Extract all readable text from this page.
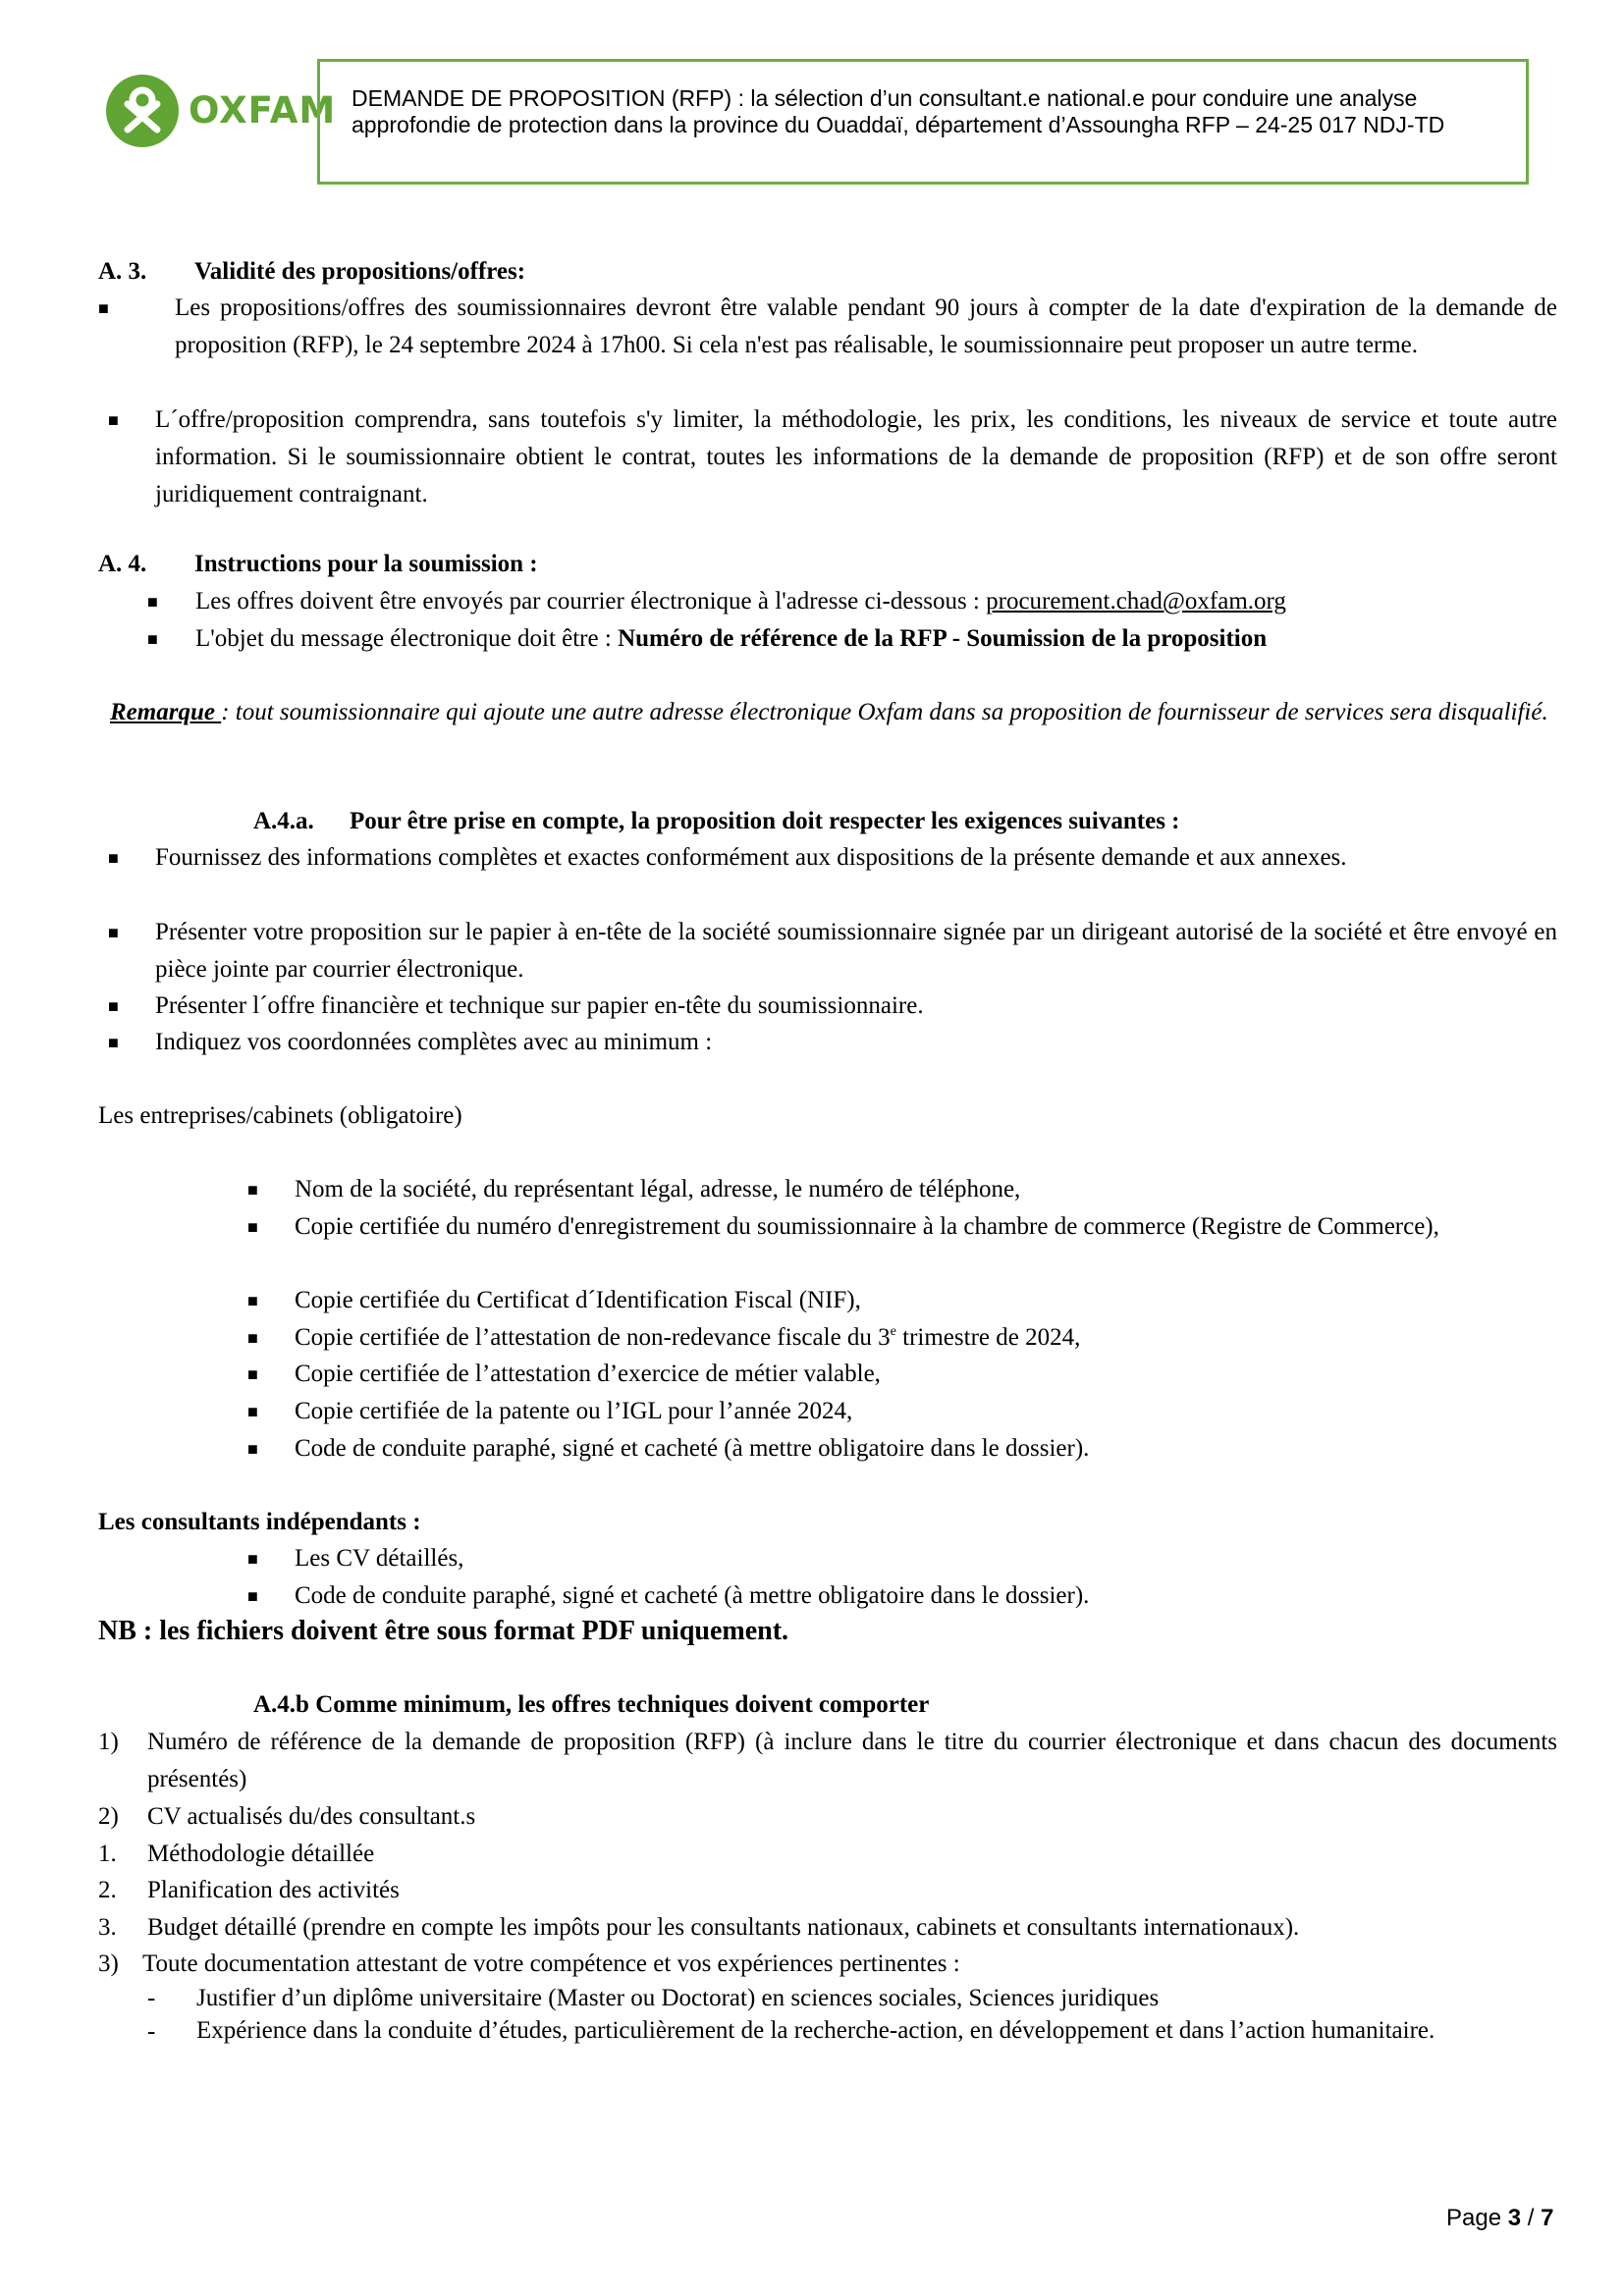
OXFAM DEMANDE DE PROPOSITION (RFP) : la sélection d’un consultant.e national.e pour conduire une analyse approfondie de protection dans la province du Ouaddaï, département d’Assoungha RFP – 24-25 017 NDJ-TD
A. 3. Validité des propositions/offres:
■	Les propositions/offres des soumissionnaires devront être valable pendant 90 jours à compter de la date d'expiration de la demande de proposition (RFP), le 24 septembre 2024 à 17h00. Si cela n'est pas réalisable, le soumissionnaire peut proposer un autre terme.
■ L´offre/proposition comprendra, sans toutefois s'y limiter, la méthodologie, les prix, les conditions, les niveaux de service et toute autre information. Si le soumissionnaire obtient le contrat, toutes les informations de la demande de proposition (RFP) et de son offre seront juridiquement contraignant.
A. 4. Instructions pour la soumission :
■ Les offres doivent être envoyés par courrier électronique à l'adresse ci-dessous : procurement.chad@oxfam.org
■ L'objet du message électronique doit être : Numéro de référence de la RFP - Soumission de la proposition
Remarque : tout soumissionnaire qui ajoute une autre adresse électronique Oxfam dans sa proposition de fournisseur de services sera disqualifié.
A.4.a. Pour être prise en compte, la proposition doit respecter les exigences suivantes :
■ Fournissez des informations complètes et exactes conformément aux dispositions de la présente demande et aux annexes.
■ Présenter votre proposition sur le papier à en-tête de la société soumissionnaire signée par un dirigeant autorisé de la société et être envoyé en pièce jointe par courrier électronique.
■ Présenter l´offre financière et technique sur papier en-tête du soumissionnaire.
■ Indiquez vos coordonnées complètes avec au minimum :
Les entreprises/cabinets (obligatoire)
■ Nom de la société, du représentant légal, adresse, le numéro de téléphone,
■ Copie certifiée du numéro d'enregistrement du soumissionnaire à la chambre de commerce (Registre de Commerce),
■ Copie certifiée du Certificat d´Identification Fiscal (NIF),
■ Copie certifiée de l’attestation de non-redevance fiscale du 3e trimestre de 2024,
■ Copie certifiée de l’attestation d’exercice de métier valable,
■ Copie certifiée de la patente ou l’IGL pour l’année 2024,
■ Code de conduite paraphé, signé et cacheté (à mettre obligatoire dans le dossier).
Les consultants indépendants :
■ Les CV détaillés,
■ Code de conduite paraphé, signé et cacheté (à mettre obligatoire dans le dossier).
NB : les fichiers doivent être sous format PDF uniquement.
A.4.b Comme minimum, les offres techniques doivent comporter
1) Numéro de référence de la demande de proposition (RFP) (à inclure dans le titre du courrier électronique et dans chacun des documents présentés)
2) CV actualisés du/des consultant.s
1. Méthodologie détaillée
2. Planification des activités
3. Budget détaillé (prendre en compte les impôts pour les consultants nationaux, cabinets et consultants internationaux).
3) Toute documentation attestant de votre compétence et vos expériences pertinentes :
- Justifier d’un diplôme universitaire (Master ou Doctorat) en sciences sociales, Sciences juridiques
- Expérience dans la conduite d’études, particulièrement de la recherche-action, en développement et dans l’action humanitaire.
Page 3 / 7
